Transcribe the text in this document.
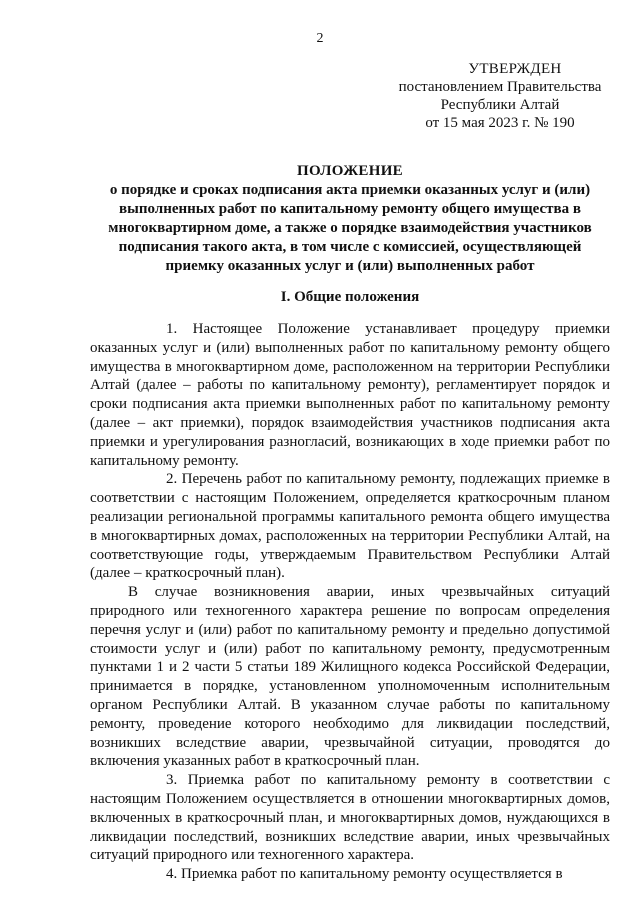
2
УТВЕРЖДЕН
постановлением Правительства
Республики Алтай
от 15 мая 2023 г. № 190
ПОЛОЖЕНИЕ
о порядке и сроках подписания акта приемки оказанных услуг и (или)
выполненных работ по капитальному ремонту общего имущества в
многоквартирном доме, а также о порядке взаимодействия участников
подписания такого акта, в том числе с комиссией, осуществляющей
приемку оказанных услуг и (или) выполненных работ
I. Общие положения

1. Настоящее Положение устанавливает процедуру приемки оказанных услуг и (или) выполненных работ по капитальному ремонту общего имущества в многоквартирном доме, расположенном на территории Республики Алтай (далее – работы по капитальному ремонту), регламентирует порядок и сроки подписания акта приемки выполненных работ по капитальному ремонту (далее – акт приемки), порядок взаимодействия участников подписания акта приемки и урегулирования разногласий, возникающих в ходе приемки работ по капитальному ремонту.

2. Перечень работ по капитальному ремонту, подлежащих приемке в соответствии с настоящим Положением, определяется краткосрочным планом реализации региональной программы капитального ремонта общего имущества в многоквартирных домах, расположенных на территории Республики Алтай, на соответствующие годы, утверждаемым Правительством Республики Алтай (далее – краткосрочный план).

В случае возникновения аварии, иных чрезвычайных ситуаций природного или техногенного характера решение по вопросам определения перечня услуг и (или) работ по капитальному ремонту и предельно допустимой стоимости услуг и (или) работ по капитальному ремонту, предусмотренным пунктами 1 и 2 части 5 статьи 189 Жилищного кодекса Российской Федерации, принимается в порядке, установленном уполномоченным исполнительным органом Республики Алтай. В указанном случае работы по капитальному ремонту, проведение которого необходимо для ликвидации последствий, возникших вследствие аварии, чрезвычайной ситуации, проводятся до включения указанных работ в краткосрочный план.

3. Приемка работ по капитальному ремонту в соответствии с настоящим Положением осуществляется в отношении многоквартирных домов, включенных в краткосрочный план, и многоквартирных домов, нуждающихся в ликвидации последствий, возникших вследствие аварии, иных чрезвычайных ситуаций природного или техногенного характера.

4. Приемка работ по капитальному ремонту осуществляется в
